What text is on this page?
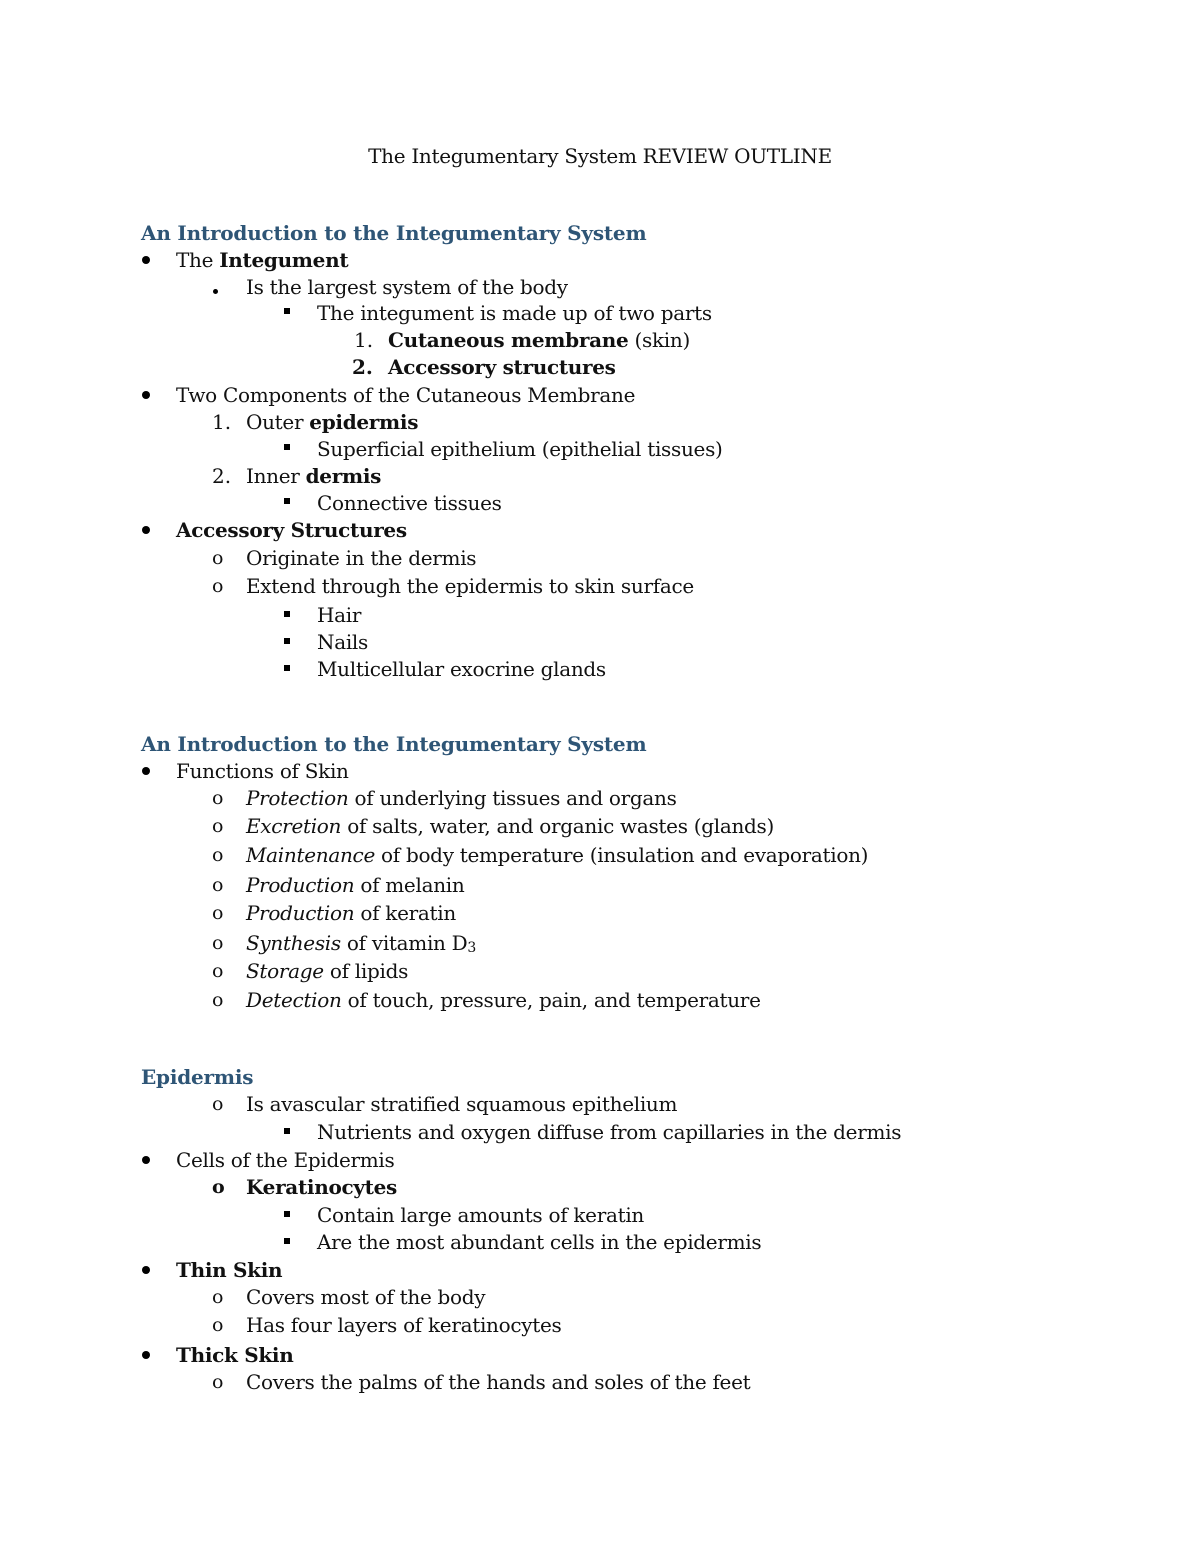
The Integumentary System REVIEW OUTLINE
An Introduction to the Integumentary System
The Integument
Is the largest system of the body
The integument is made up of two parts
1. Cutaneous membrane (skin)
2. Accessory structures
Two Components of the Cutaneous Membrane
1. Outer epidermis
Superficial epithelium (epithelial tissues)
2. Inner dermis
Connective tissues
Accessory Structures
o Originate in the dermis
o Extend through the epidermis to skin surface
Hair
Nails
Multicellular exocrine glands
An Introduction to the Integumentary System
Functions of Skin
o Protection of underlying tissues and organs
o Excretion of salts, water, and organic wastes (glands)
o Maintenance of body temperature (insulation and evaporation)
o Production of melanin
o Production of keratin
o Synthesis of vitamin $D_3$
o Storage of lipids
o Detection of touch, pressure, pain, and temperature
Epidermis
o Is avascular stratified squamous epithelium
Nutrients and oxygen diffuse from capillaries in the dermis
Cells of the Epidermis
o Keratinocytes
Contain large amounts of keratin
Are the most abundant cells in the epidermis
Thin Skin
o Covers most of the body
o Has four layers of keratinocytes
Thick Skin
o Covers the palms of the hands and soles of the feet
